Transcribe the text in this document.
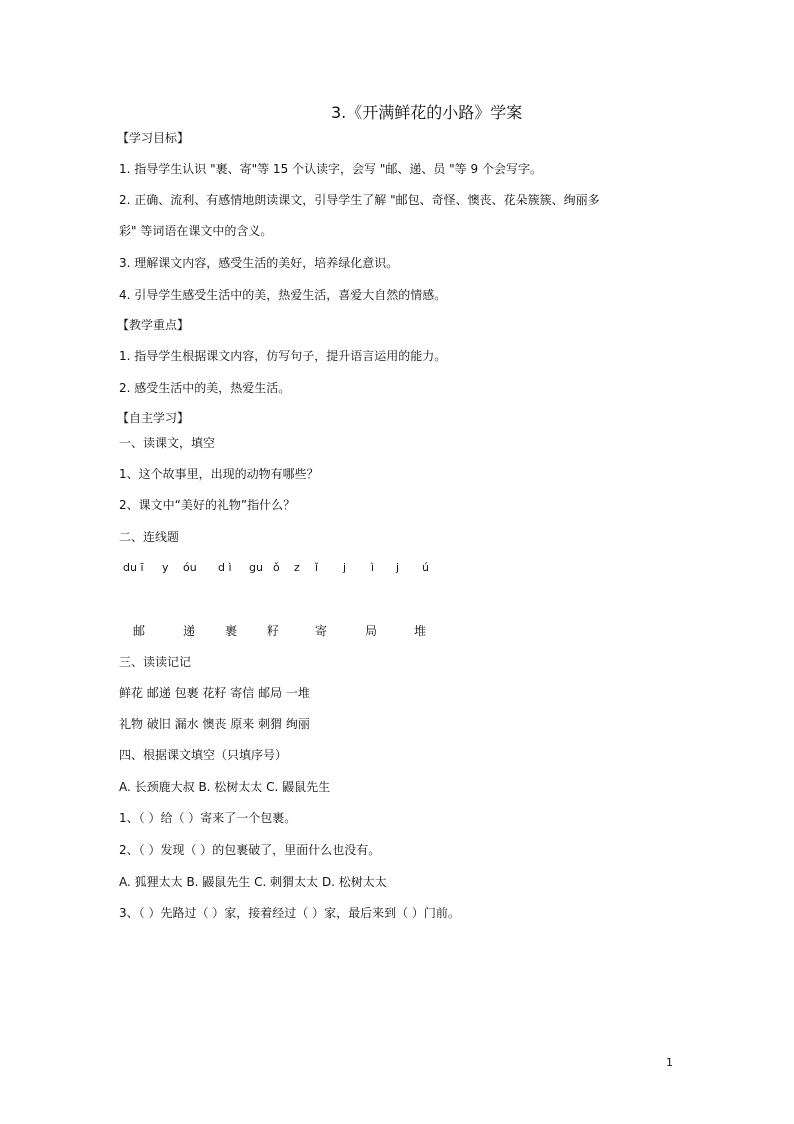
3.《开满鲜花的小路》学案
【学习目标】
1. 指导学生认识 "裹、寄"等 15 个认读字，会写 "邮、递、员 "等 9 个会写字。
2. 正确、流利、有感情地朗读课文，引导学生了解 "邮包、奇怪、懊丧、花朵簇簇、绚丽多
彩" 等词语在课文中的含义。
3. 理解课文内容，感受生活的美好，培养绿化意识。
4. 引导学生感受生活中的美，热爱生活，喜爱大自然的情感。
【教学重点】
1. 指导学生根据课文内容，仿写句子，提升语言运用的能力。
2. 感受生活中的美，热爱生活。
【自主学习】
一、读课文，填空
1、这个故事里，出现的动物有哪些？
2、课文中“美好的礼物”指什么？
二、连线题
du ī y óu d ì gu ǒ z ǐ j ì j ú
邮	递 裹 籽	寄	局	堆
三、读读记记
鲜花 邮递 包裹 花籽 寄信 邮局 一堆
礼物 破旧 漏水 懊丧 原来 刺猬 绚丽
四、根据课文填空（只填序号）
A. 长颈鹿大叔 B. 松树太太 C. 鼹鼠先生
1、（ ）给（ ）寄来了一个包裹。
2、（ ）发现（ ）的包裹破了，里面什么也没有。
A. 狐狸太太 B. 鼹鼠先生 C. 刺猬太太 D. 松树太太
3、（ ）先路过（ ）家，接着经过（ ）家，最后来到（ ）门前。
1
